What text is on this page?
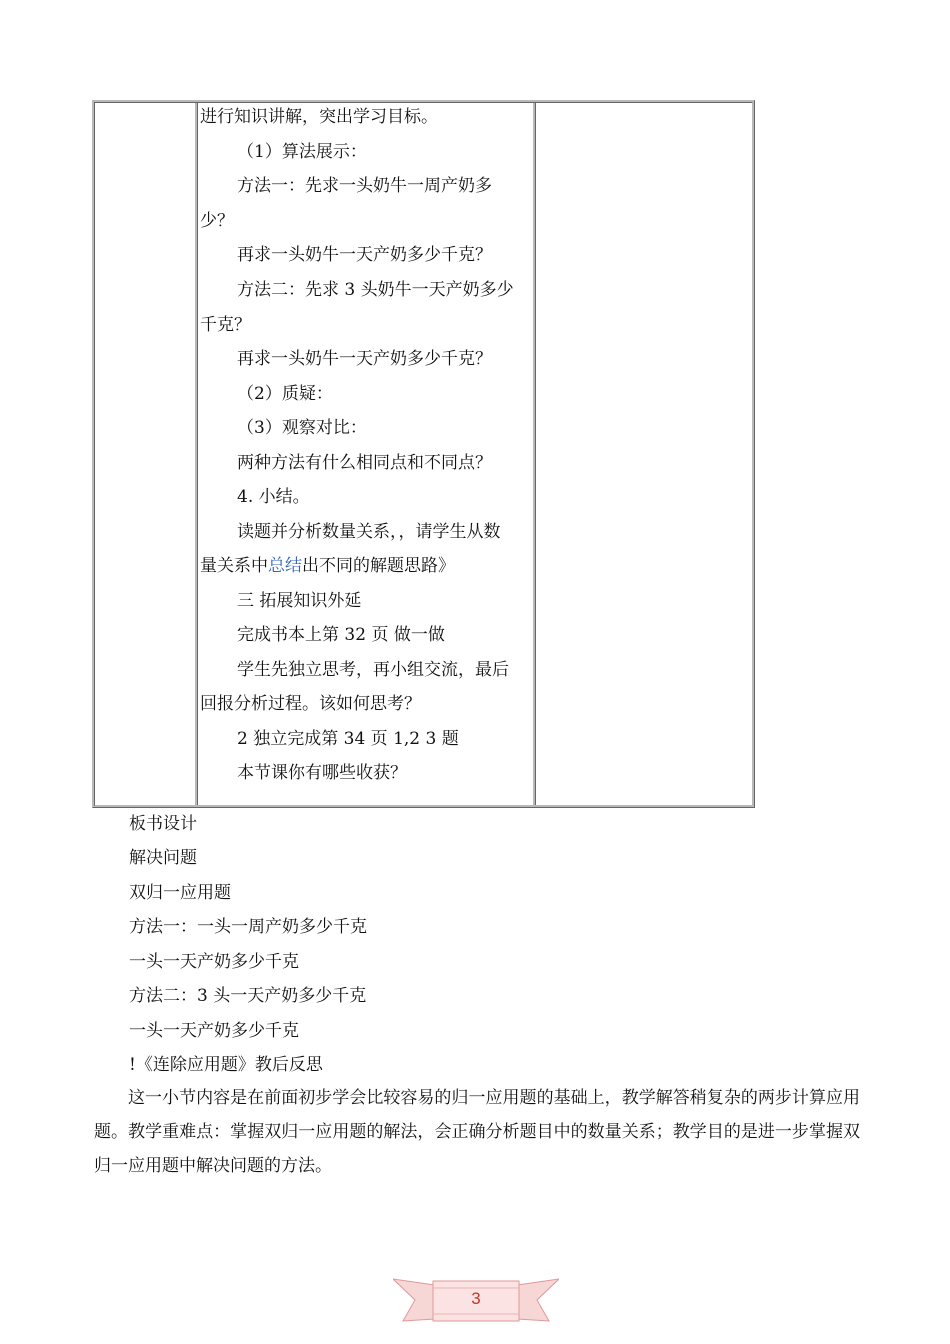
进行知识讲解，突出学习目标。
（1）算法展示：
方法一：先求一头奶牛一周产奶多
少？
再求一头奶牛一天产奶多少千克？
方法二：先求 3 头奶牛一天产奶多少
千克？
再求一头奶牛一天产奶多少千克？
（2）质疑：
（3）观察对比：
两种方法有什么相同点和不同点？
4. 小结。
读题并分析数量关系，，请学生从数
量关系中总结出不同的解题思路》
三 拓展知识外延
完成书本上第 32 页 做一做
学生先独立思考，再小组交流，最后
回报分析过程。该如何思考？
2 独立完成第 34 页 1,2 3 题
本节课你有哪些收获？
板书设计
解决问题
双归一应用题
方法一：一头一周产奶多少千克
一头一天产奶多少千克
方法二：3 头一天产奶多少千克
一头一天产奶多少千克
!《连除应用题》教后反思
这一小节内容是在前面初步学会比较容易的归一应用题的基础上，教学解答稍复杂的两步计算应用题。教学重难点：掌握双归一应用题的解法，会正确分析题目中的数量关系；教学目的是进一步掌握双归一应用题中解决问题的方法。
3
